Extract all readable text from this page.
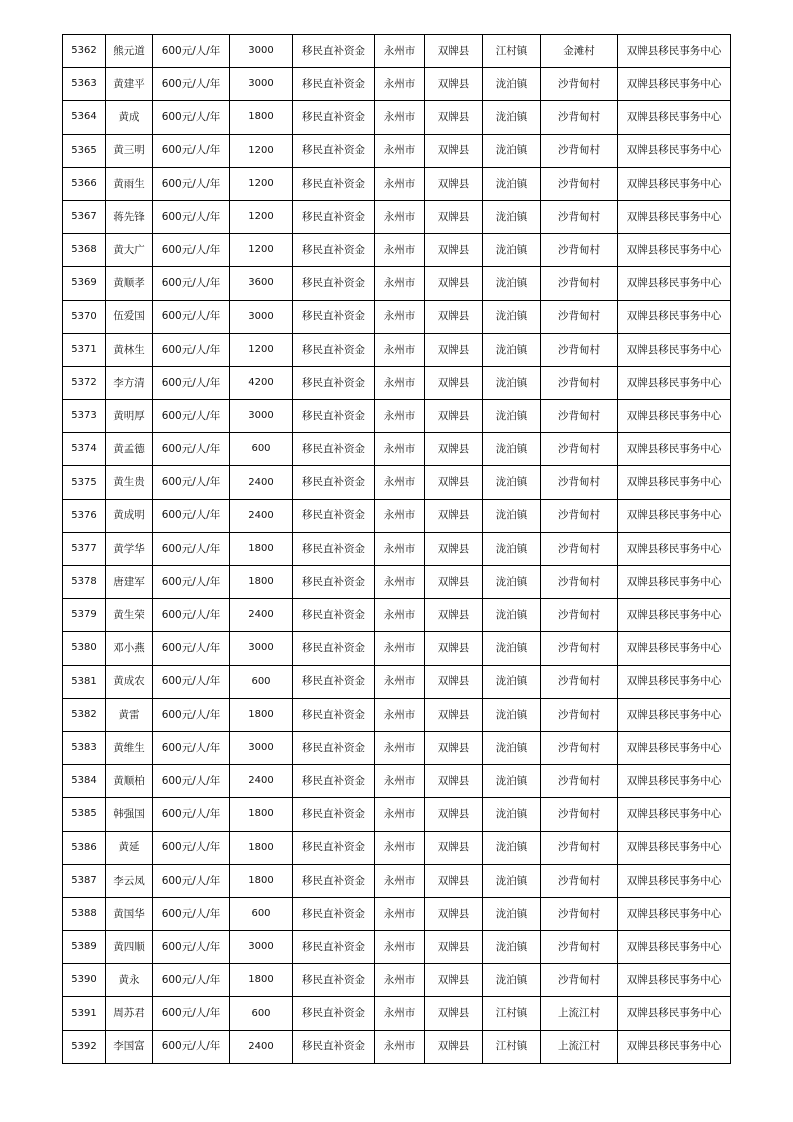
5362	熊元道	600元/人/年	3000	移民直补资金	永州市	双牌县	江村镇	金滩村	双牌县移民事务中心
5363	黄建平	600元/人/年	3000	移民直补资金	永州市	双牌县	泷泊镇	沙背甸村	双牌县移民事务中心
5364	黄成	600元/人/年	1800	移民直补资金	永州市	双牌县	泷泊镇	沙背甸村	双牌县移民事务中心
5365	黄三明	600元/人/年	1200	移民直补资金	永州市	双牌县	泷泊镇	沙背甸村	双牌县移民事务中心
5366	黄雨生	600元/人/年	1200	移民直补资金	永州市	双牌县	泷泊镇	沙背甸村	双牌县移民事务中心
5367	蒋先锋	600元/人/年	1200	移民直补资金	永州市	双牌县	泷泊镇	沙背甸村	双牌县移民事务中心
5368	黄大广	600元/人/年	1200	移民直补资金	永州市	双牌县	泷泊镇	沙背甸村	双牌县移民事务中心
5369	黄顺孝	600元/人/年	3600	移民直补资金	永州市	双牌县	泷泊镇	沙背甸村	双牌县移民事务中心
5370	伍爱国	600元/人/年	3000	移民直补资金	永州市	双牌县	泷泊镇	沙背甸村	双牌县移民事务中心
5371	黄林生	600元/人/年	1200	移民直补资金	永州市	双牌县	泷泊镇	沙背甸村	双牌县移民事务中心
5372	李方清	600元/人/年	4200	移民直补资金	永州市	双牌县	泷泊镇	沙背甸村	双牌县移民事务中心
5373	黄明厚	600元/人/年	3000	移民直补资金	永州市	双牌县	泷泊镇	沙背甸村	双牌县移民事务中心
5374	黄孟德	600元/人/年	600	移民直补资金	永州市	双牌县	泷泊镇	沙背甸村	双牌县移民事务中心
5375	黄生贵	600元/人/年	2400	移民直补资金	永州市	双牌县	泷泊镇	沙背甸村	双牌县移民事务中心
5376	黄成明	600元/人/年	2400	移民直补资金	永州市	双牌县	泷泊镇	沙背甸村	双牌县移民事务中心
5377	黄学华	600元/人/年	1800	移民直补资金	永州市	双牌县	泷泊镇	沙背甸村	双牌县移民事务中心
5378	唐建军	600元/人/年	1800	移民直补资金	永州市	双牌县	泷泊镇	沙背甸村	双牌县移民事务中心
5379	黄生荣	600元/人/年	2400	移民直补资金	永州市	双牌县	泷泊镇	沙背甸村	双牌县移民事务中心
5380	邓小燕	600元/人/年	3000	移民直补资金	永州市	双牌县	泷泊镇	沙背甸村	双牌县移民事务中心
5381	黄成农	600元/人/年	600	移民直补资金	永州市	双牌县	泷泊镇	沙背甸村	双牌县移民事务中心
5382	黄雷	600元/人/年	1800	移民直补资金	永州市	双牌县	泷泊镇	沙背甸村	双牌县移民事务中心
5383	黄维生	600元/人/年	3000	移民直补资金	永州市	双牌县	泷泊镇	沙背甸村	双牌县移民事务中心
5384	黄顺柏	600元/人/年	2400	移民直补资金	永州市	双牌县	泷泊镇	沙背甸村	双牌县移民事务中心
5385	韩强国	600元/人/年	1800	移民直补资金	永州市	双牌县	泷泊镇	沙背甸村	双牌县移民事务中心
5386	黄延	600元/人/年	1800	移民直补资金	永州市	双牌县	泷泊镇	沙背甸村	双牌县移民事务中心
5387	李云凤	600元/人/年	1800	移民直补资金	永州市	双牌县	泷泊镇	沙背甸村	双牌县移民事务中心
5388	黄国华	600元/人/年	600	移民直补资金	永州市	双牌县	泷泊镇	沙背甸村	双牌县移民事务中心
5389	黄四顺	600元/人/年	3000	移民直补资金	永州市	双牌县	泷泊镇	沙背甸村	双牌县移民事务中心
5390	黄永	600元/人/年	1800	移民直补资金	永州市	双牌县	泷泊镇	沙背甸村	双牌县移民事务中心
5391	周苏君	600元/人/年	600	移民直补资金	永州市	双牌县	江村镇	上流江村	双牌县移民事务中心
5392	李国富	600元/人/年	2400	移民直补资金	永州市	双牌县	江村镇	上流江村	双牌县移民事务中心
